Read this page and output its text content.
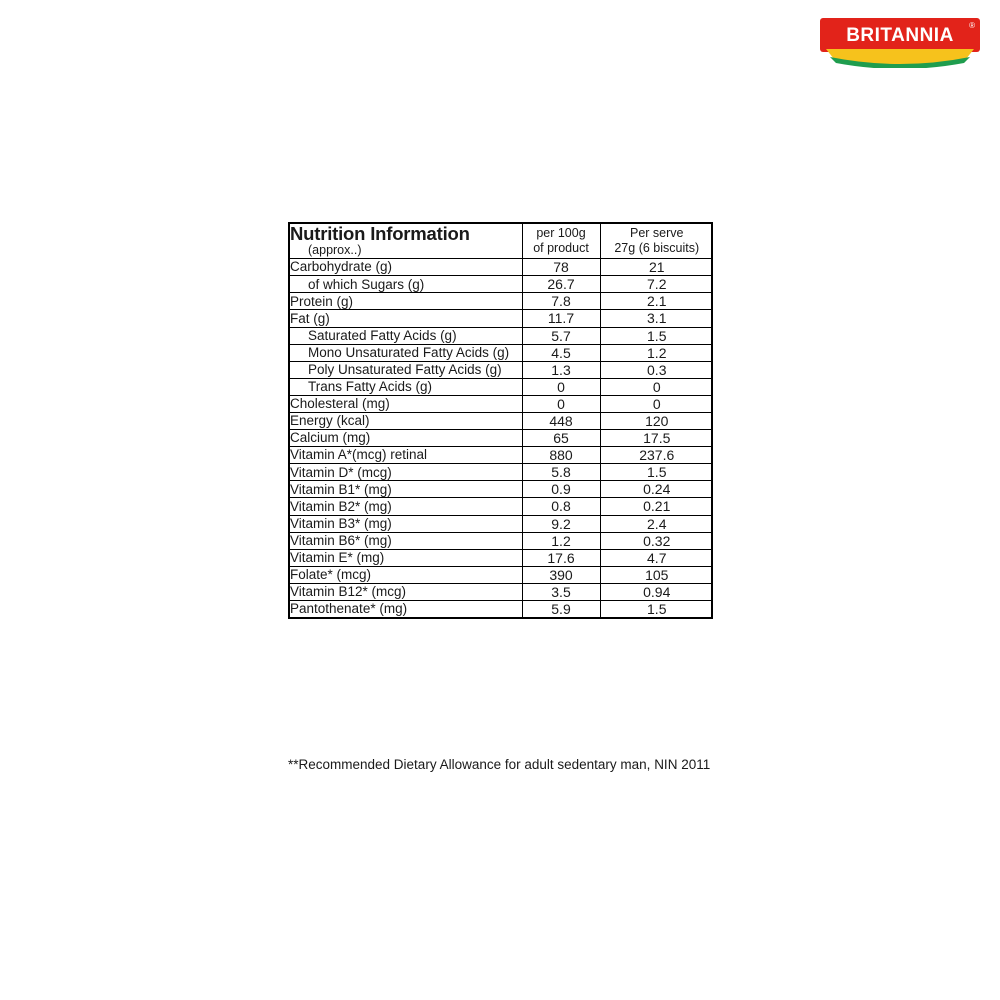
BRITANNIA ®
Nutrition Information
(approx..)

per 100g
of product

Per serve
27g (6 biscuits)

Carbohydrate (g)	78	21
of which Sugars (g)	26.7	7.2
Protein (g)	7.8	2.1
Fat (g)	11.7	3.1
Saturated Fatty Acids (g)	5.7	1.5
Mono Unsaturated Fatty Acids (g)	4.5	1.2
Poly Unsaturated Fatty Acids (g)	1.3	0.3
Trans Fatty Acids (g)	0	0
Cholesteral (mg)	0	0
Energy (kcal)	448	120
Calcium (mg)	65	17.5
Vitamin A*(mcg) retinal	880	237.6
Vitamin D* (mcg)	5.8	1.5
Vitamin B1* (mg)	0.9	0.24
Vitamin B2* (mg)	0.8	0.21
Vitamin B3* (mg)	9.2	2.4
Vitamin B6* (mg)	1.2	0.32
Vitamin E* (mg)	17.6	4.7
Folate* (mcg)	390	105
Vitamin B12* (mcg)	3.5	0.94
Pantothenate* (mg)	5.9	1.5
**Recommended Dietary Allowance for adult sedentary man, NIN 2011
